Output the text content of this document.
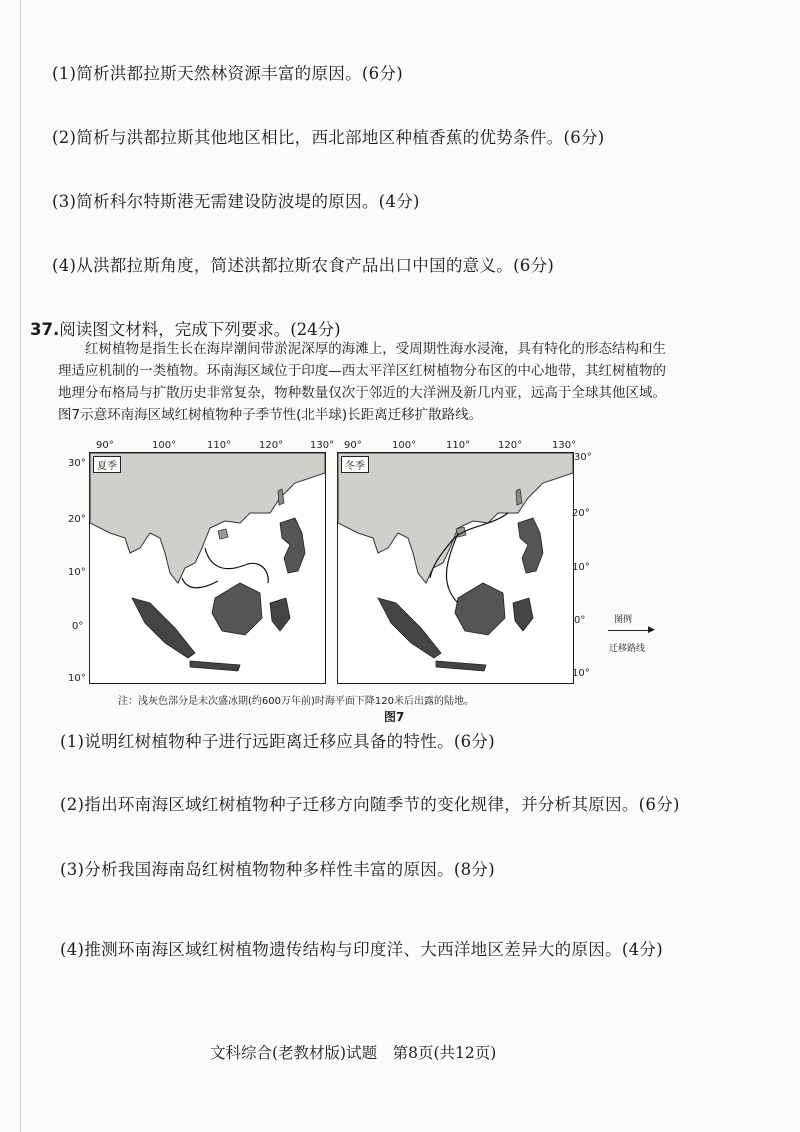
(1)简析洪都拉斯天然林资源丰富的原因。(6分)
(2)简析与洪都拉斯其他地区相比，西北部地区种植香蕉的优势条件。(6分)
(3)简析科尔特斯港无需建设防波堤的原因。(4分)
(4)从洪都拉斯角度，简述洪都拉斯农食产品出口中国的意义。(6分)
37.阅读图文材料，完成下列要求。(24分)

红树植物是指生长在海岸潮间带淤泥深厚的海滩上，受周期性海水浸淹，具有特化的形态结构和生理适应机制的一类植物。环南海区域位于印度—西太平洋区红树植物分布区的中心地带，其红树植物的地理分布格局与扩散历史非常复杂，物种数量仅次于邻近的大洋洲及新几内亚，远高于全球其他区域。图7示意环南海区域红树植物种子季节性(北半球)长距离迁移扩散路线。

夏季	冬季
90°	100°	110°	120°	130° 90°	100°	110°	120°	130°
30°
20°
10°
0°
10°
30°
20°
10°
0°
10°
图例
▶
迁移路线
注：浅灰色部分是末次盛冰期(约600万年前)时海平面下降120米后出露的陆地。
图7
(1)说明红树植物种子进行远距离迁移应具备的特性。(6分)
(2)指出环南海区域红树植物种子迁移方向随季节的变化规律，并分析其原因。(6分)
(3)分析我国海南岛红树植物物种多样性丰富的原因。(8分)
(4)推测环南海区域红树植物遗传结构与印度洋、大西洋地区差异大的原因。(4分)
文科综合(老教材版)试题　第8页(共12页)
